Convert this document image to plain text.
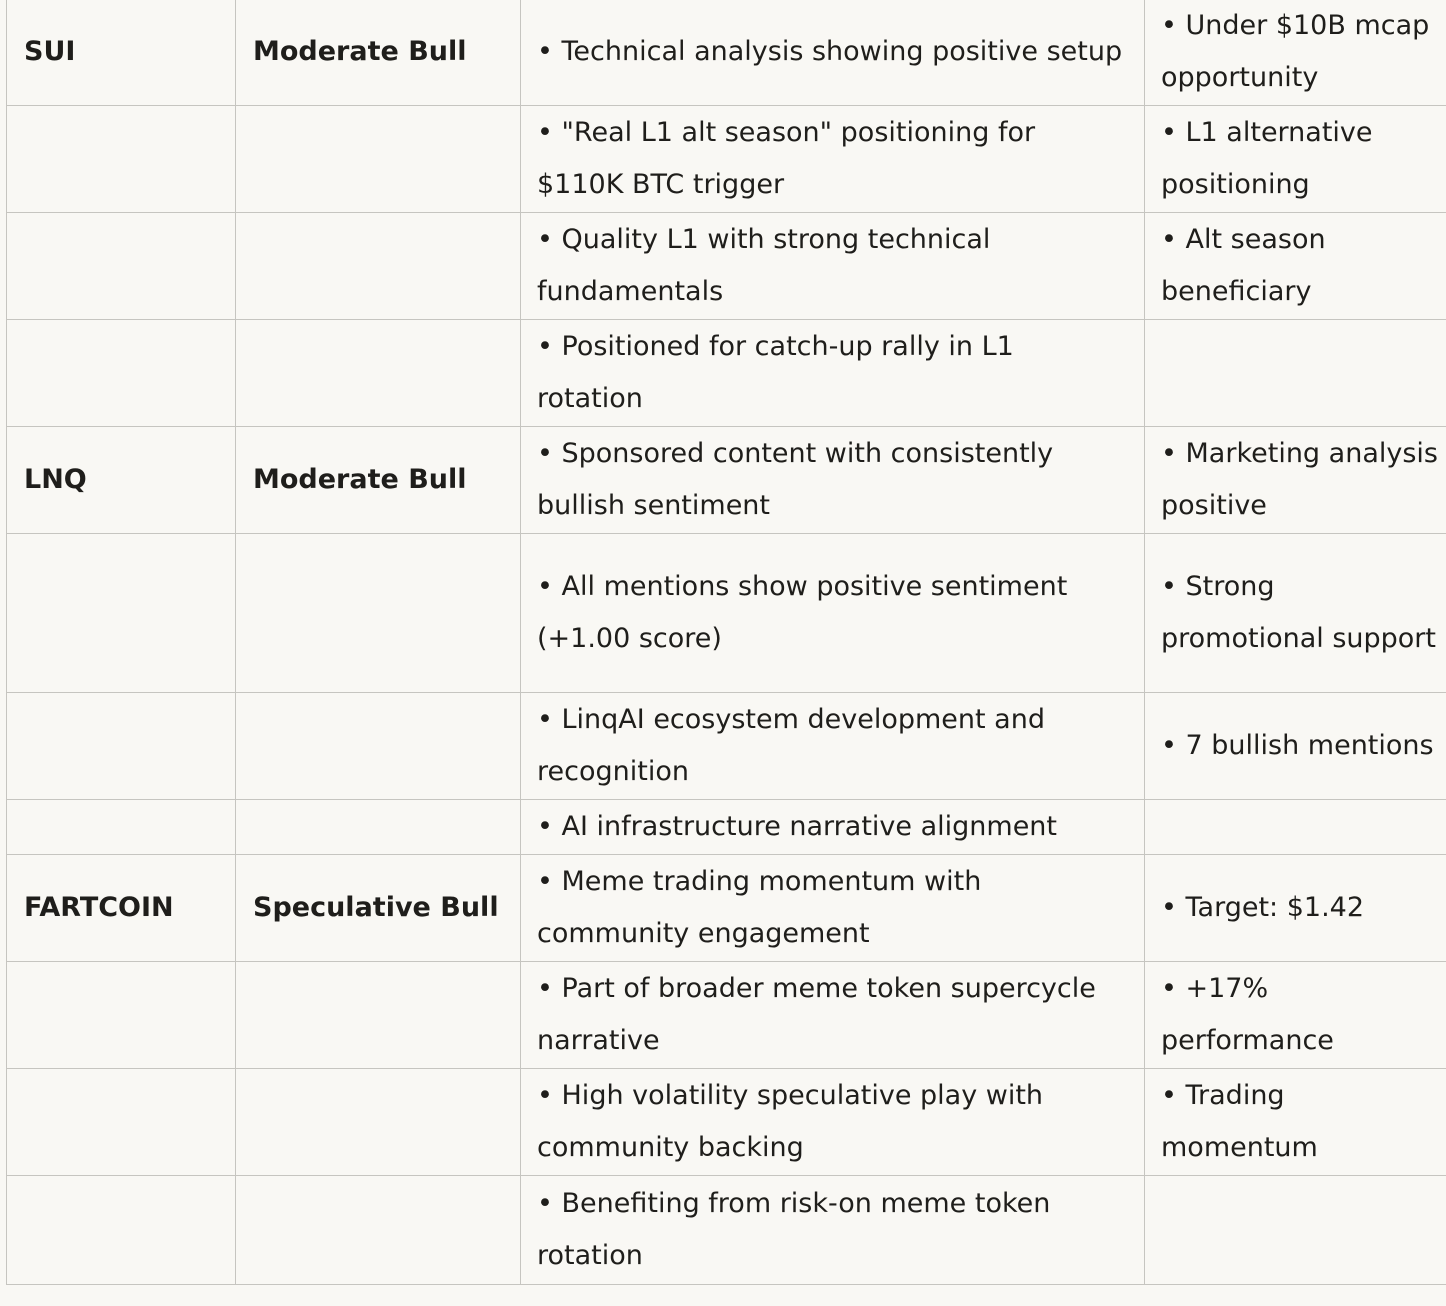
SUI	Moderate Bull	• Technical analysis showing positive setup	• Under $10B mcap opportunity
		• "Real L1 alt season" positioning for $110K BTC trigger	• L1 alternative positioning
		• Quality L1 with strong technical fundamentals	• Alt season beneficiary
		• Positioned for catch-up rally in L1 rotation	
LNQ	Moderate Bull	• Sponsored content with consistently bullish sentiment	• Marketing analysis positive
		• All mentions show positive sentiment (+1.00 score)	• Strong promotional support
		• LinqAI ecosystem development and recognition	• 7 bullish mentions
		• AI infrastructure narrative alignment	
FARTCOIN	Speculative Bull	• Meme trading momentum with community engagement	• Target: $1.42
		• Part of broader meme token supercycle narrative	• +17% performance
		• High volatility speculative play with community backing	• Trading momentum
		• Benefiting from risk-on meme token rotation	
